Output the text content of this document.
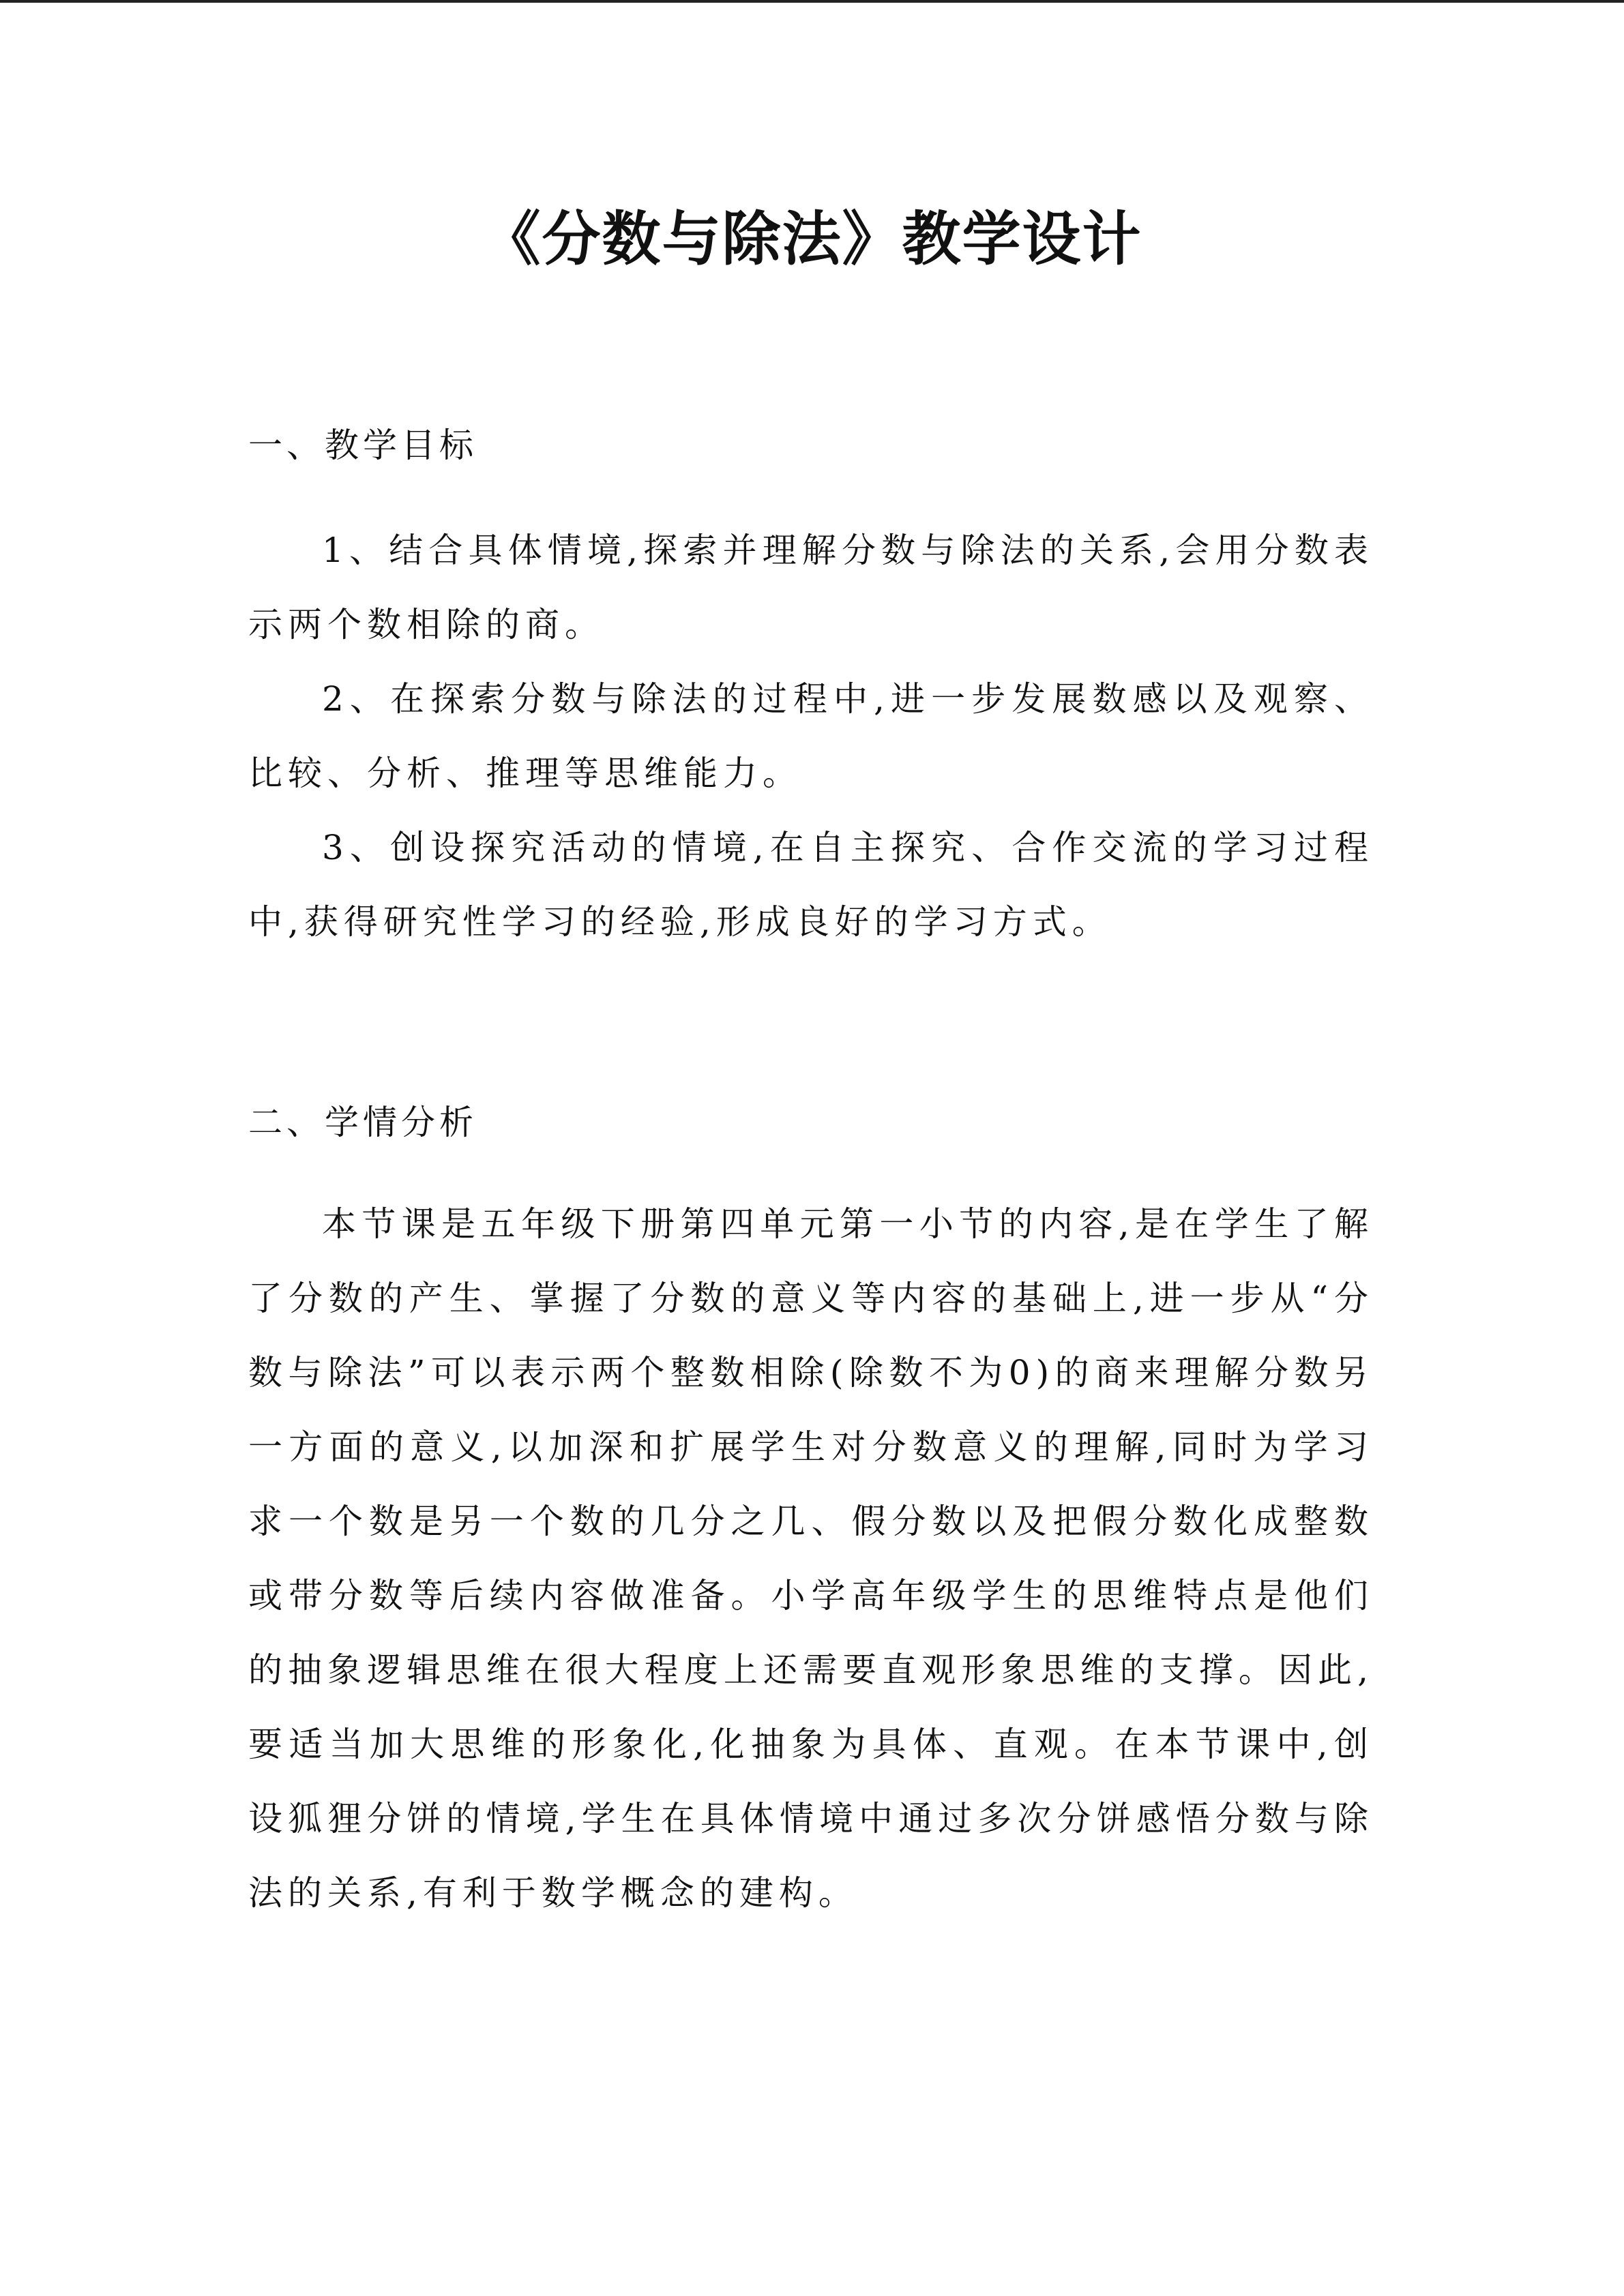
《分数与除法》教学设计
一、教学目标

1、结合具体情境,探索并理解分数与除法的关系,会用分数表示两个数相除的商。

2、在探索分数与除法的过程中,进一步发展数感以及观察、比较、分析、推理等思维能力。

3、创设探究活动的情境,在自主探究、合作交流的学习过程中,获得研究性学习的经验,形成良好的学习方式。

二、学情分析

本节课是五年级下册第四单元第一小节的内容,是在学生了解了分数的产生、掌握了分数的意义等内容的基础上,进一步从“分数与除法”可以表示两个整数相除(除数不为0)的商来理解分数另一方面的意义,以加深和扩展学生对分数意义的理解,同时为学习求一个数是另一个数的几分之几、假分数以及把假分数化成整数或带分数等后续内容做准备。小学高年级学生的思维特点是他们的抽象逻辑思维在很大程度上还需要直观形象思维的支撑。因此,要适当加大思维的形象化,化抽象为具体、直观。在本节课中,创设狐狸分饼的情境,学生在具体情境中通过多次分饼感悟分数与除法的关系,有利于数学概念的建构。
